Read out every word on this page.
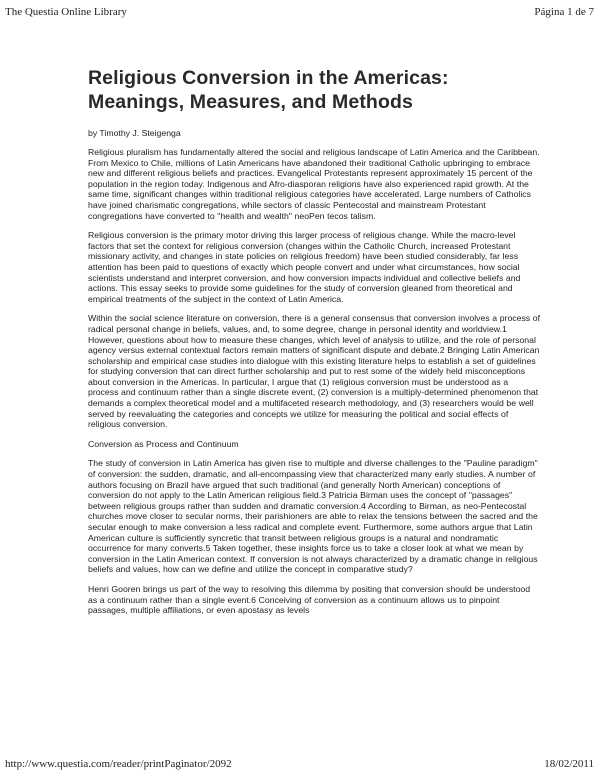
The Questia Online Library	Página 1 de 7
Religious Conversion in the Americas:
Meanings, Measures, and Methods
by Timothy J. Steigenga

Religious pluralism has fundamentally altered the social and religious landscape of Latin America and the Caribbean. From Mexico to Chile, millions of Latin Americans have abandoned their traditional Catholic upbringing to embrace new and different religious beliefs and practices. Evangelical Protestants represent approximately 15 percent of the population in the region today. Indigenous and Afro-diasporan religions have also experienced rapid growth. At the same time, significant changes within traditional religious categories have accelerated. Large numbers of Catholics have joined charismatic congregations, while sectors of classic Pentecostal and mainstream Protestant congregations have converted to "health and wealth" neoPen tecos talism.

Religious conversion is the primary motor driving this larger process of religious change. While the macro-level factors that set the context for religious conversion (changes within the Catholic Church, increased Protestant missionary activity, and changes in state policies on religious freedom) have been studied considerably, far less attention has been paid to questions of exactly which people convert and under what circumstances, how social scientists understand and interpret conversion, and how conversion impacts individual and collective beliefs and actions. This essay seeks to provide some guidelines for the study of conversion gleaned from theoretical and empirical treatments of the subject in the context of Latin America.

Within the social science literature on conversion, there is a general consensus that conversion involves a process of radical personal change in beliefs, values, and, to some degree, change in personal identity and worldview.1 However, questions about how to measure these changes, which level of analysis to utilize, and the role of personal agency versus external contextual factors remain matters of significant dispute and debate.2 Bringing Latin American scholarship and empirical case studies into dialogue with this existing literature helps to establish a set of guidelines for studying conversion that can direct further scholarship and put to rest some of the widely held misconceptions about conversion in the Americas. In particular, I argue that (1) religious conversion must be understood as a process and continuum rather than a single discrete event, (2) conversion is a multiply-determined phenomenon that demands a complex theoretical model and a multifaceted research methodology, and (3) researchers would be well served by reevaluating the categories and concepts we utilize for measuring the political and social effects of religious conversion.

Conversion as Process and Continuum

The study of conversion in Latin America has given rise to multiple and diverse challenges to the "Pauline paradigm" of conversion: the sudden, dramatic, and all-encompassing view that characterized many early studies. A number of authors focusing on Brazil have argued that such traditional (and generally North American) conceptions of conversion do not apply to the Latin American religious field.3 Patricia Birman uses the concept of "passages" between religious groups rather than sudden and dramatic conversion.4 According to Birman, as neo-Pentecostal churches move closer to secular norms, their parishioners are able to relax the tensions between the sacred and the secular enough to make conversion a less radical and complete event. Furthermore, some authors argue that Latin American culture is sufficiently syncretic that transit between religious groups is a natural and nondramatic occurrence for many converts.5 Taken together, these insights force us to take a closer look at what we mean by conversion in the Latin American context. If conversion is not always characterized by a dramatic change in religious beliefs and values, how can we define and utilize the concept in comparative study?

Henri Gooren brings us part of the way to resolving this dilemma by positing that conversion should be understood as a continuum rather than a single event.6 Conceiving of conversion as a continuum allows us to pinpoint passages, multiple affiliations, or even apostasy as levels

http://www.questia.com/reader/printPaginator/2092	18/02/2011
